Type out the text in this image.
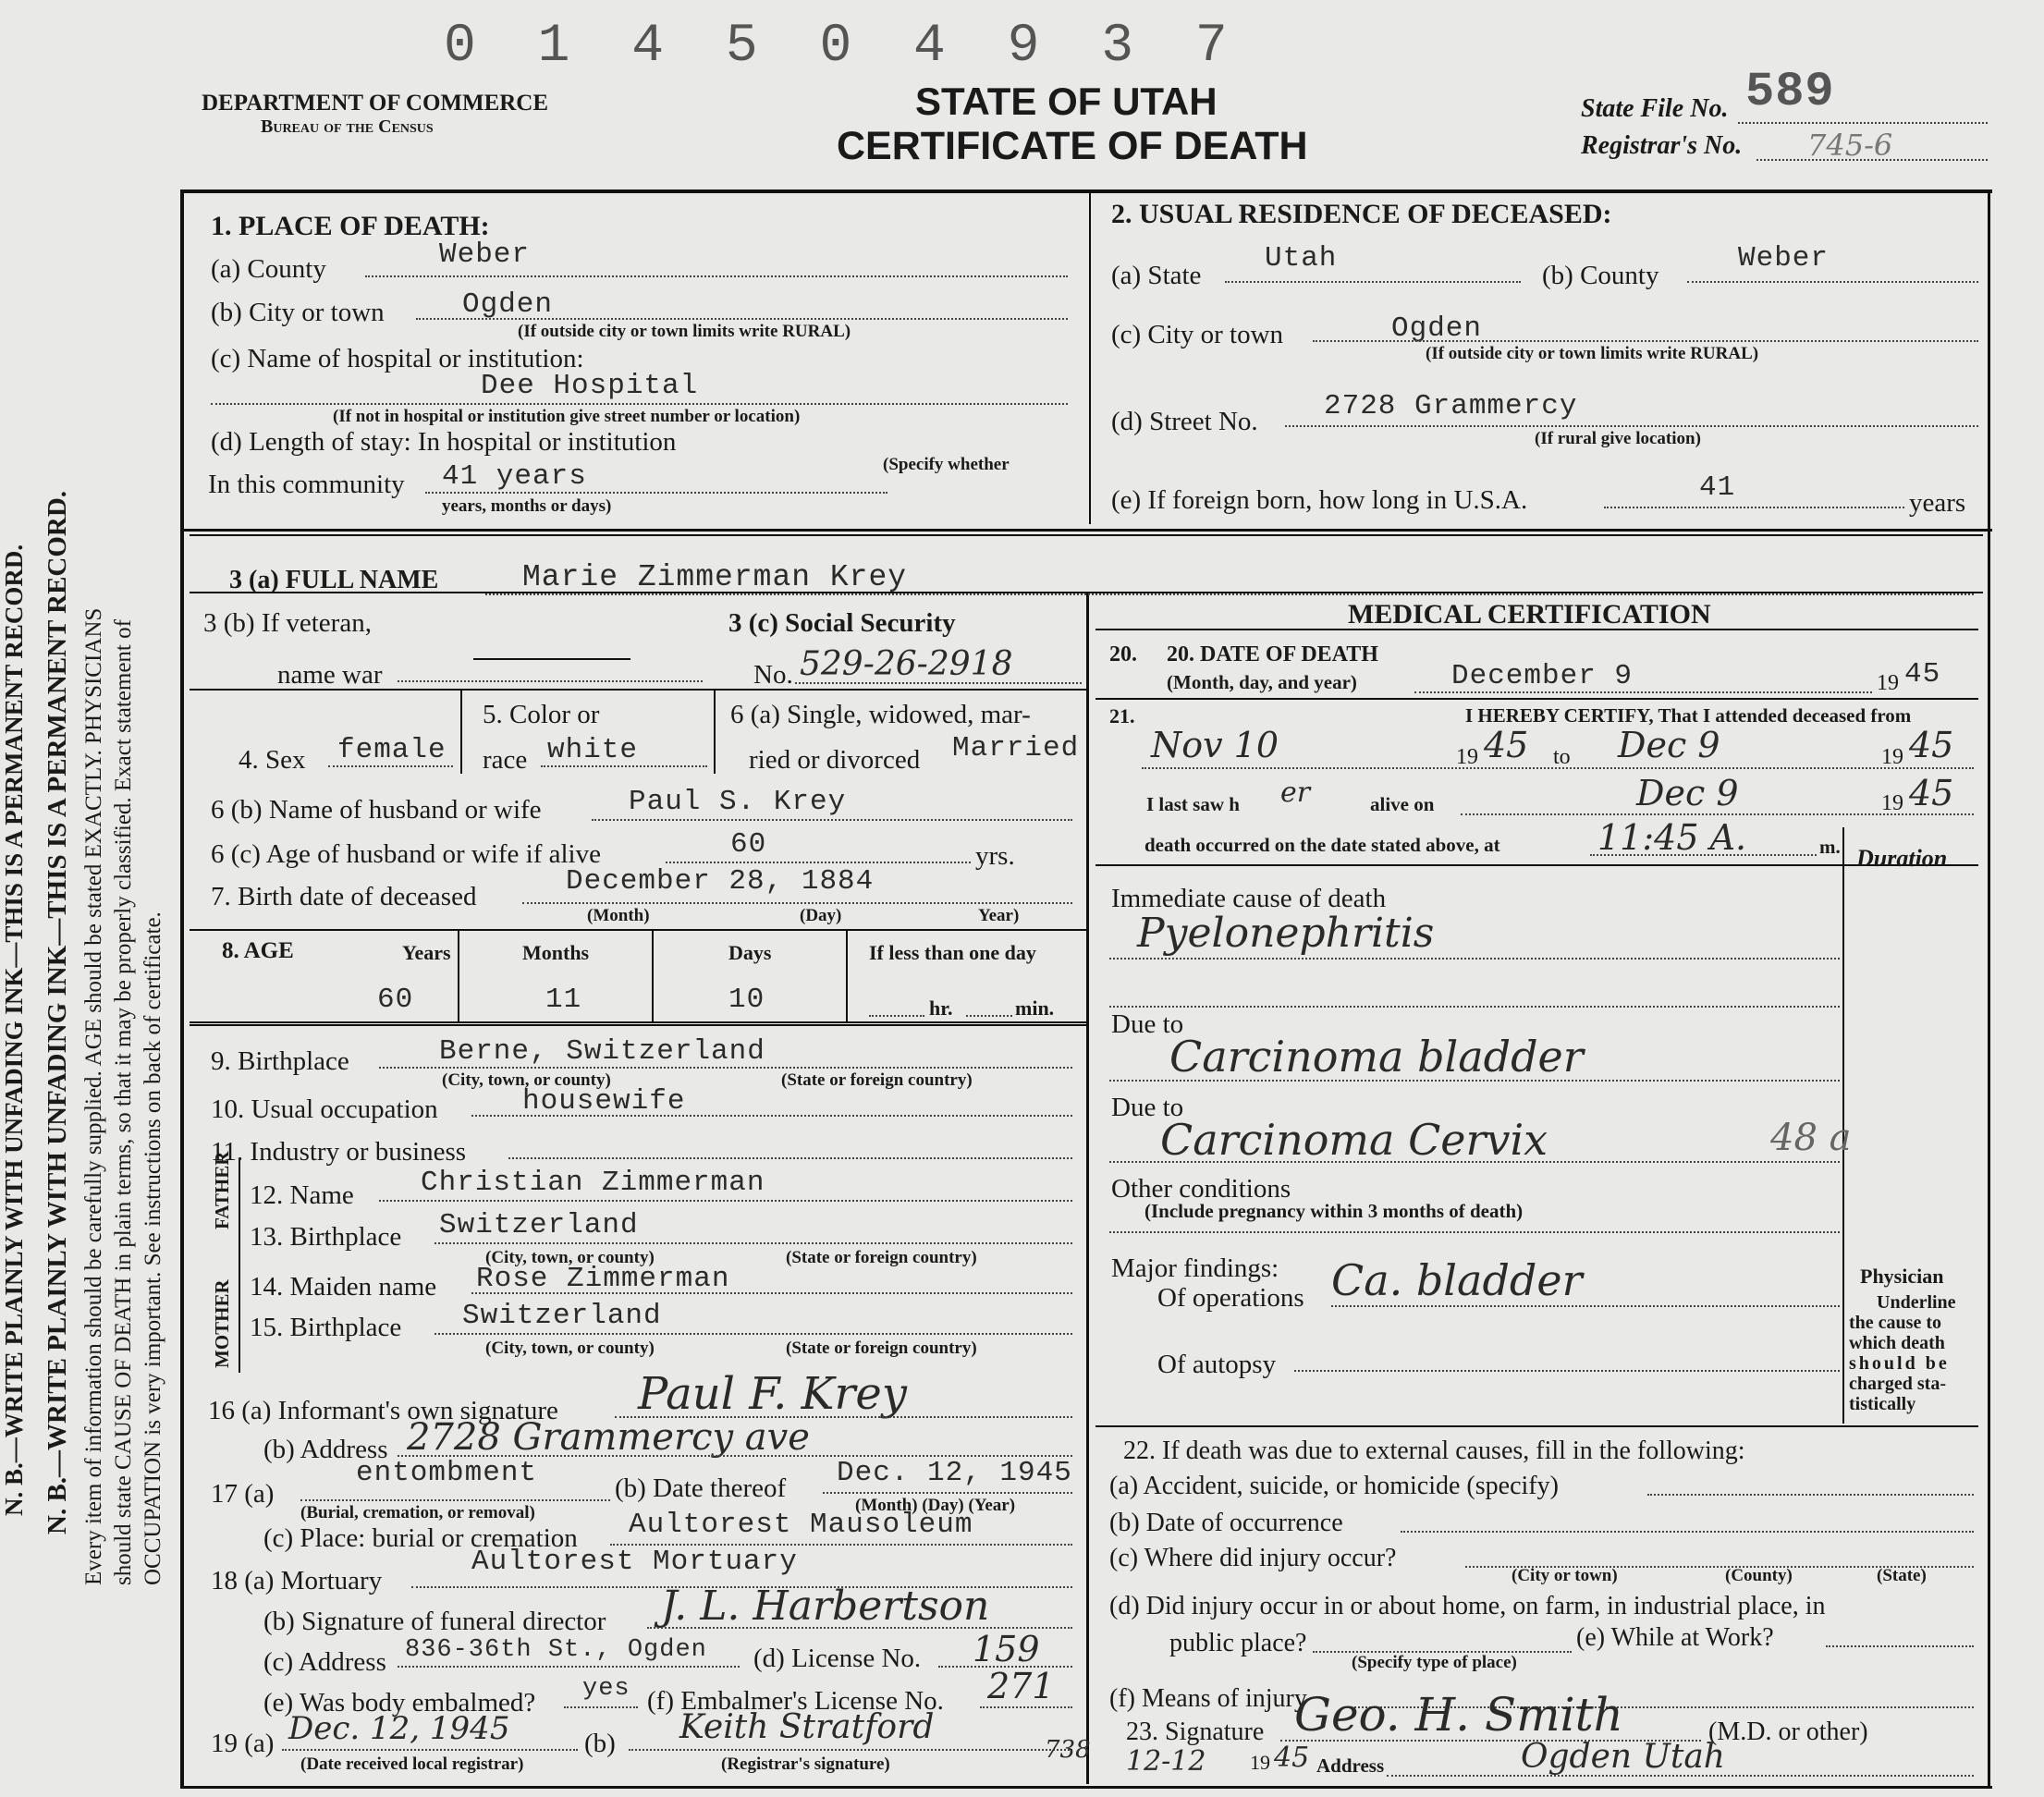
0 1 4 5 0 4 9 3 7
DEPARTMENT OF COMMERCE
Bureau of the Census
STATE OF UTAH
CERTIFICATE OF DEATH
State File No. 589
Registrar's No. 745-6
N. B.—WRITE PLAINLY WITH UNFADING INK—THIS IS A PERMANENT RECORD. N. B.—WRITE PLAINLY WITH UNFADING INK—THIS IS A PERMANENT RECORD. Every item of information should be carefully supplied. AGE should be stated EXACTLY. PHYSICIANS should state CAUSE OF DEATH in plain terms, so that it may be properly classified. Exact statement of OCCUPATION is very important. See instructions on back of certificate.
1. PLACE OF DEATH:
(a) County	Weber
(b) City or town	Ogden
(If outside city or town limits write RURAL)
(c) Name of hospital or institution:
Dee Hospital
(If not in hospital or institution give street number or location)
(d) Length of stay: In hospital or institution
(Specify whether
In this community 41 years
years, months or days)
2. USUAL RESIDENCE OF DECEASED:
(a) State
Utah
(b) County
Weber
(c) City or town	Ogden
(If outside city or town limits write RURAL)
(d) Street No. 2728 Grammercy
(If rural give location)
(e) If foreign born, how long in U.S.A.	41	years
3 (a) FULL NAME	Marie Zimmerman Krey
3 (b) If veteran,
name war
3 (c) Social Security
No. 529-26-2918
MEDICAL CERTIFICATION
4. Sex female
5. Color or
race white
6 (a) Single, widowed, mar-
ried or divorced Married
6 (b) Name of husband or wife	Paul S. Krey
6 (c) Age of husband or wife if alive	60	yrs.
7. Birth date of deceased	December 28, 1884
(Month)	(Day)	Year)
8. AGE	Years	Months	Days	If less than one day
60	11	10	hr.	min.
9. Birthplace	Berne, Switzerland
(City, town, or county)	(State or foreign country)
10. Usual occupation	housewife
11. Industry or business
MOTHER
FATHER 12. Name Christian Zimmerman
13. Birthplace Switzerland
(City, town, or county)	(State or foreign country)
14. Maiden name Rose Zimmerman
15. Birthplace Switzerland
(City, town, or county)	(State or foreign country)
16 (a) Informant's own signature Paul F. Krey
(b) Address 2728 Grammercy ave
17 (a)
entombment
(Burial, cremation, or removal)
(b) Date thereof Dec. 12, 1945
(Month) (Day) (Year)
(c) Place: burial or cremation Aultorest Mausoleum
18 (a) Mortuary
Aultorest Mortuary
(b) Signature of funeral director J. L. Harbertson
(c) Address 836-36th St., Ogden (d) License No. 159
(e) Was body embalmed? yes (f) Embalmer's License No. 271
19 (a) Dec. 12, 1945	(b) Keith Stratford
738
(Date received local registrar)	(Registrar's signature)
20. 20. DATE OF DEATH
(Month, day, and year)	December 9	19 45
21.	I HEREBY CERTIFY, That I attended deceased from
Nov 10	19 45 to Dec 9	19 45
I last saw h er	alive on	Dec 9	19 45
death occurred on the date stated above, at	11:45 A.	m. Duration
Immediate cause of death
Pyelonephritis
Due to
Carcinoma bladder
Due to
Carcinoma Cervix	48 a
Other conditions
(Include pregnancy within 3 months of death)
Major findings:
Of operations Ca. bladder
Of autopsy
Physician
Underline
the cause to
which death
should be
charged sta-
tistically
22. If death was due to external causes, fill in the following:
(a) Accident, suicide, or homicide (specify)
(b) Date of occurrence
(c) Where did injury occur?
(City or town)	(County)	(State)
(d) Did injury occur in or about home, on farm, in industrial place, in
public place?	(e) While at Work?
(Specify type of place)
(f) Means of injury
23. Signature Geo. H. Smith	(M.D. or other)
12-12 19 45 Address	Ogden Utah
